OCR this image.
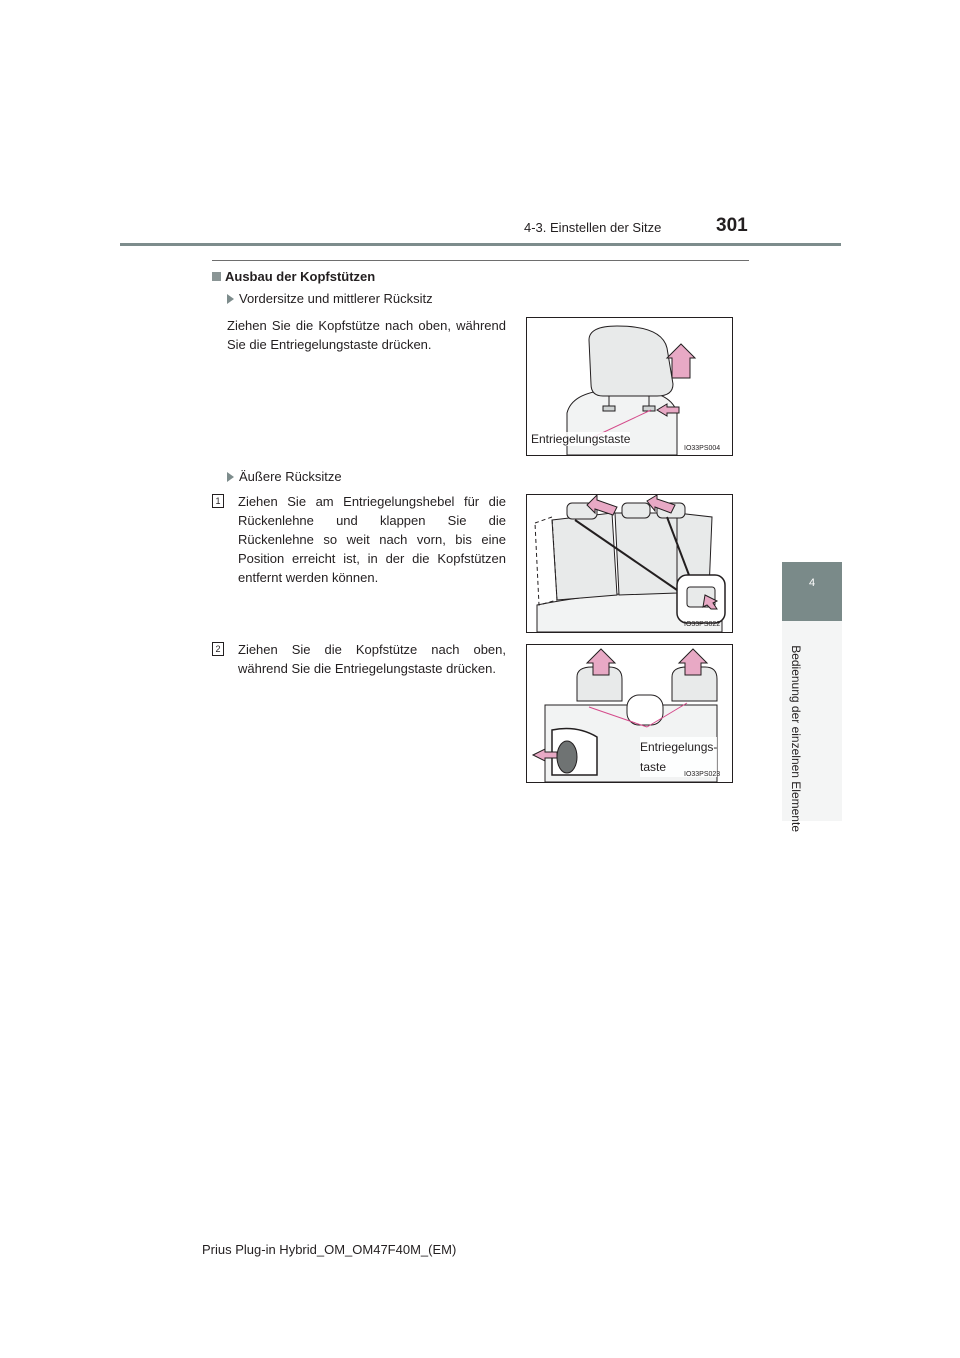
4-3. Einstellen der Sitze	301
4
Bedienung der einzelnen Elemente
Ausbau der Kopfstützen
Vordersitze und mittlerer Rücksitz
Ziehen Sie die Kopfstütze nach oben, während Sie die Entriegelungstaste drücken.
Entriegelungstaste
IO33PS004
Äußere Rücksitze
1 Ziehen Sie am Entriegelungshebel für die Rückenlehne und klappen Sie die Rückenlehne so weit nach vorn, bis eine Position erreicht ist, in der die Kopfstützen entfernt werden können.
IO33PS022
2 Ziehen Sie die Kopfstütze nach oben, während Sie die Entriegelungstaste drücken.
Entriegelungs-
taste
IO33PS023
Prius Plug-in Hybrid_OM_OM47F40M_(EM)
